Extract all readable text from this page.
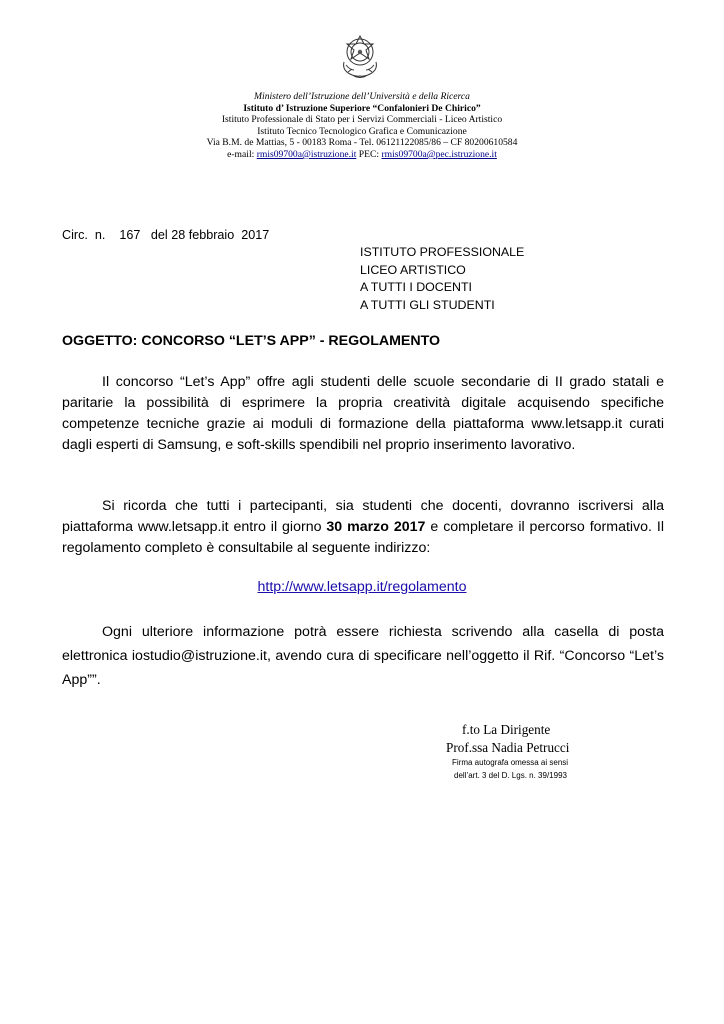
Ministero dell’Istruzione dell’Università e della Ricerca
Istituto d’ Istruzione Superiore “Confalonieri De Chirico”
Istituto Professionale di Stato per i Servizi Commerciali - Liceo Artistico
Istituto Tecnico Tecnologico Grafica e Comunicazione
Via B.M. de Mattias, 5 - 00183 Roma - Tel. 06121122085/86 – CF 80200610584
e-mail: rmis09700a@istruzione.it PEC: rmis09700a@pec.istruzione.it
Circ.  n.    167   del 28 febbraio  2017
ISTITUTO PROFESSIONALE
LICEO ARTISTICO
A TUTTI I DOCENTI
A TUTTI GLI STUDENTI
OGGETTO: CONCORSO “LET’S APP” - REGOLAMENTO

Il concorso “Let’s App” offre agli studenti delle scuole secondarie di II grado statali e paritarie la possibilità di esprimere la propria creatività digitale acquisendo specifiche competenze tecniche grazie ai moduli di formazione della piattaforma www.letsapp.it curati dagli esperti di Samsung, e soft-skills spendibili nel proprio inserimento lavorativo.

Si ricorda che tutti i partecipanti, sia studenti che docenti, dovranno iscriversi alla piattaforma www.letsapp.it entro il giorno 30 marzo 2017 e completare il percorso formativo. Il regolamento completo è consultabile al seguente indirizzo:

http://www.letsapp.it/regolamento

Ogni ulteriore informazione potrà essere richiesta scrivendo alla casella di posta elettronica iostudio@istruzione.it, avendo cura di specificare nell’oggetto il Rif. “Concorso “Let’s App””.

f.to La Dirigente
Prof.ssa Nadia Petrucci
Firma autografa omessa ai sensi
dell’art. 3 del D. Lgs. n. 39/1993
